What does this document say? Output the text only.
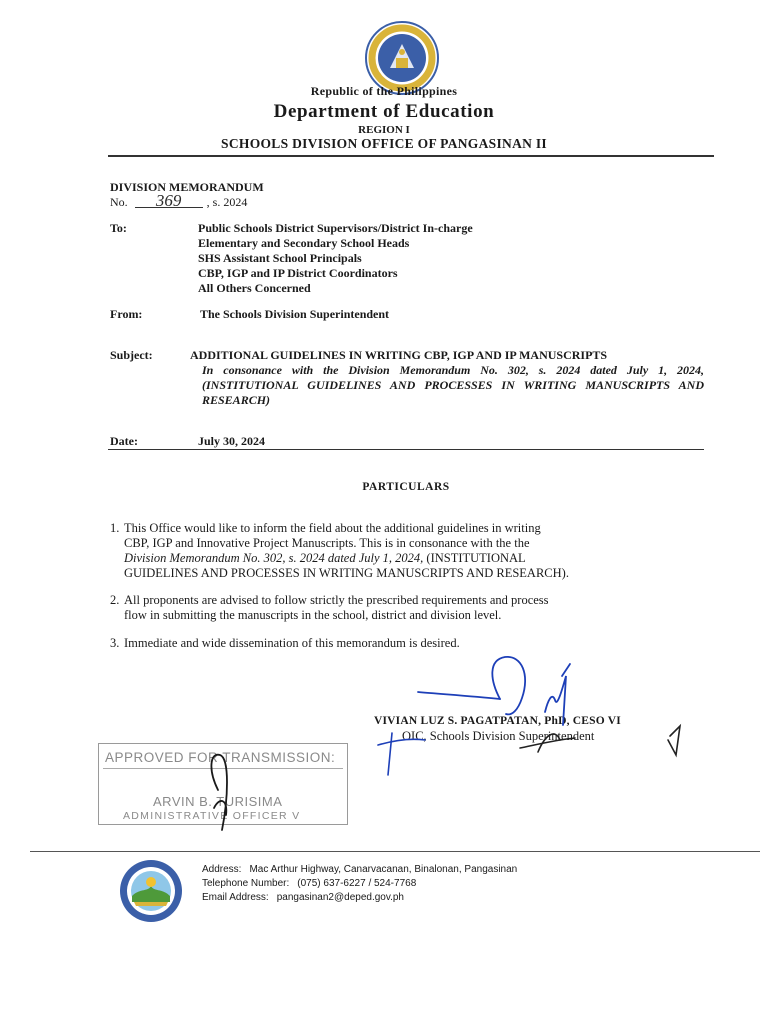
Republic of the Philippines
Department of Education
REGION I
SCHOOLS DIVISION OFFICE OF PANGASINAN II
DIVISION MEMORANDUM
No. 369 , s. 2024
To:	Public Schools District Supervisors/District In-charge
Elementary and Secondary School Heads
SHS Assistant School Principals
CBP, IGP and IP District Coordinators
All Others Concerned
From:	The Schools Division Superintendent
Subject:	ADDITIONAL GUIDELINES IN WRITING CBP, IGP AND IP MANUSCRIPTS
In consonance with the Division Memorandum No. 302, s. 2024 dated July 1, 2024, (INSTITUTIONAL GUIDELINES AND PROCESSES IN WRITING MANUSCRIPTS AND RESEARCH)
Date:	July 30, 2024
PARTICULARS
1. This Office would like to inform the field about the additional guidelines in writing
CBP, IGP and Innovative Project Manuscripts. This is in consonance with the the
Division Memorandum No. 302, s. 2024 dated July 1, 2024, (INSTITUTIONAL
GUIDELINES AND PROCESSES IN WRITING MANUSCRIPTS AND RESEARCH).
2. All proponents are advised to follow strictly the prescribed requirements and process
flow in submitting the manuscripts in the school, district and division level.
3. Immediate and wide dissemination of this memorandum is desired.
VIVIAN LUZ S. PAGATPATAN, PhD, CESO VI
OIC, Schools Division Superintendent
APPROVED FOR TRANSMISSION:
ARVIN B. TURISIMA
ADMINISTRATIVE OFFICER V
Address: Mac Arthur Highway, Canarvacanan, Binalonan, Pangasinan
Telephone Number: (075) 637-6227 / 524-7768
Email Address: pangasinan2@deped.gov.ph
